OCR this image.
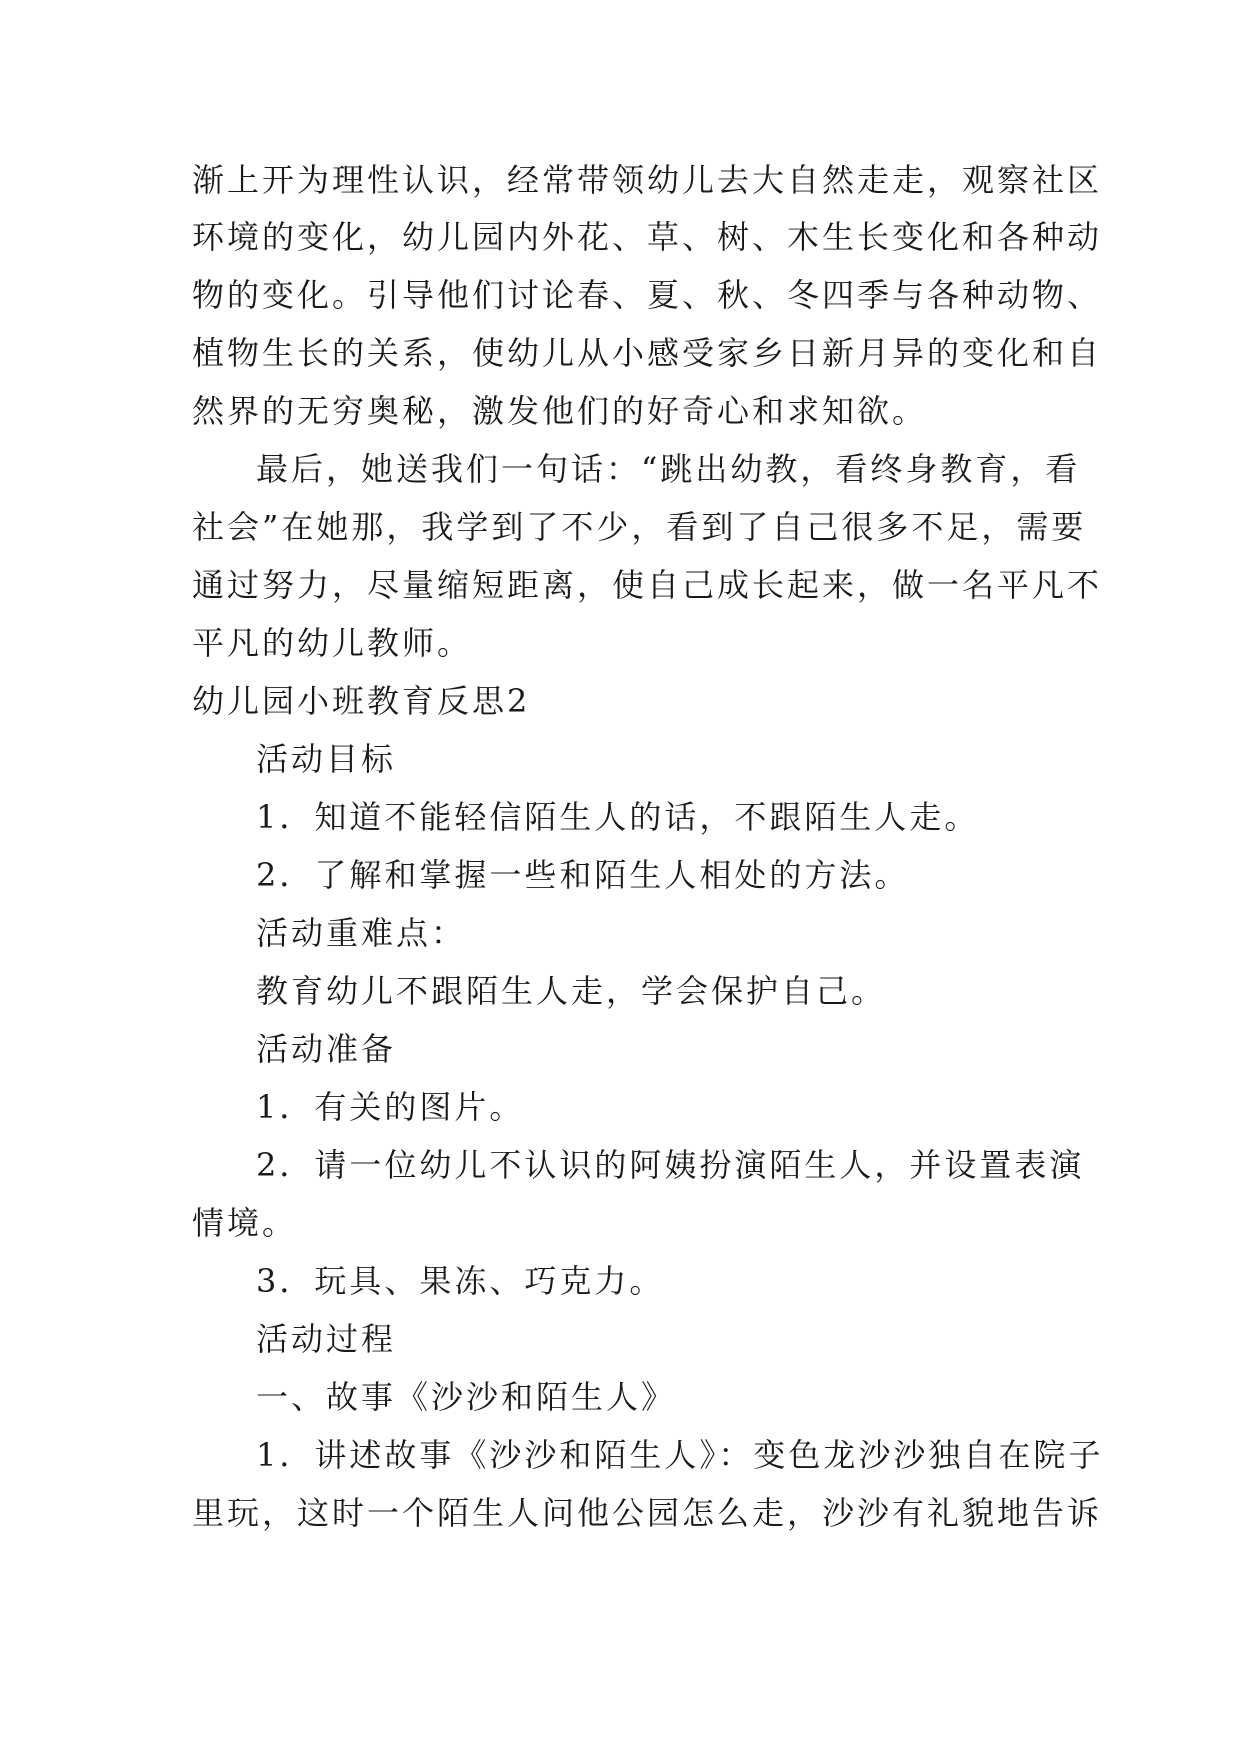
渐上开为理性认识，经常带领幼儿去大自然走走，观察社区
环境的变化，幼儿园内外花、草、树、木生长变化和各种动
物的变化。引导他们讨论春、夏、秋、冬四季与各种动物、
植物生长的关系，使幼儿从小感受家乡日新月异的变化和自
然界的无穷奥秘，激发他们的好奇心和求知欲。
最后，她送我们一句话：“跳出幼教，看终身教育，看
社会”在她那，我学到了不少，看到了自己很多不足，需要
通过努力，尽量缩短距离，使自己成长起来，做一名平凡不
平凡的幼儿教师。
幼儿园小班教育反思2
活动目标
1．知道不能轻信陌生人的话，不跟陌生人走。
2．了解和掌握一些和陌生人相处的方法。
活动重难点：
教育幼儿不跟陌生人走，学会保护自己。
活动准备
1．有关的图片。
2．请一位幼儿不认识的阿姨扮演陌生人，并设置表演
情境。
3．玩具、果冻、巧克力。
活动过程
一、故事《沙沙和陌生人》
1．讲述故事《沙沙和陌生人》：变色龙沙沙独自在院子
里玩，这时一个陌生人问他公园怎么走，沙沙有礼貌地告诉
